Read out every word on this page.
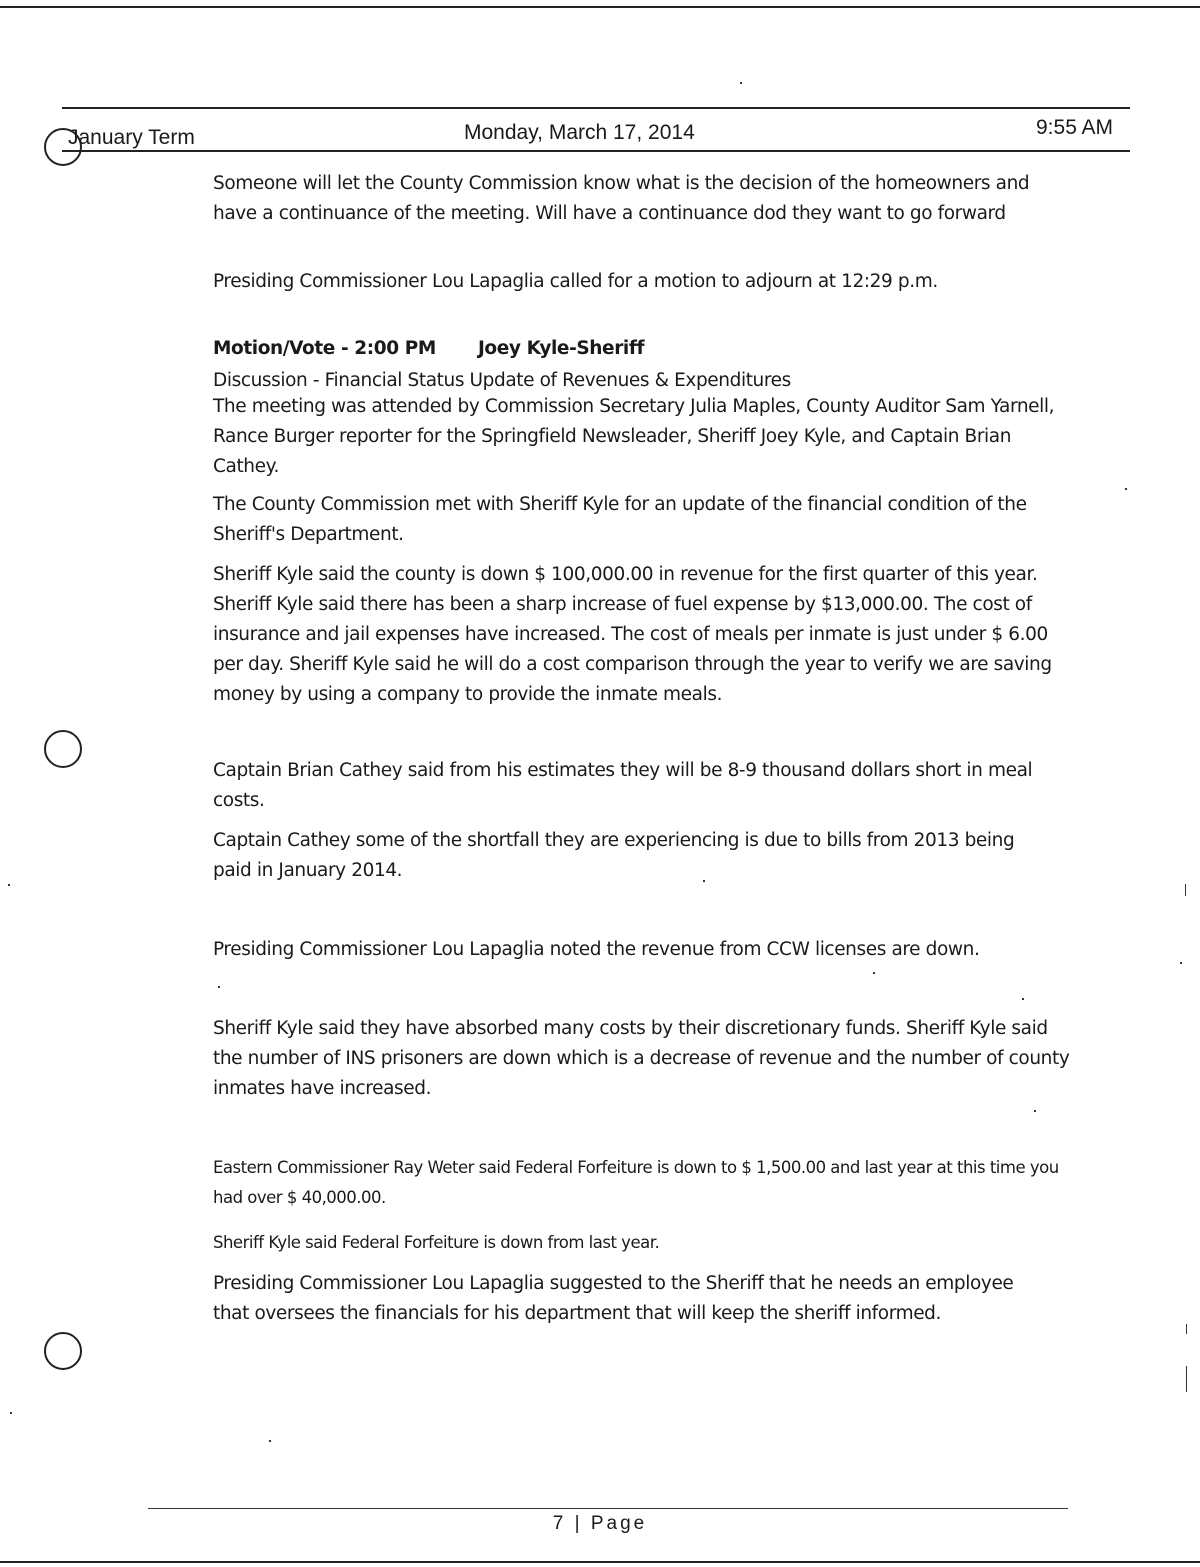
January Term	Monday, March 17, 2014	9:55 AM

Someone will let the County Commission know what is the decision of the homeowners and have a continuance of the meeting. Will have a continuance dod they want to go forward

Presiding Commissioner Lou Lapaglia called for a motion to adjourn at 12:29 p.m.

Motion/Vote - 2:00 PM Joey Kyle-Sheriff

Discussion - Financial Status Update of Revenues & Expenditures

The meeting was attended by Commission Secretary Julia Maples, County Auditor Sam Yarnell, Rance Burger reporter for the Springfield Newsleader, Sheriff Joey Kyle, and Captain Brian Cathey.

The County Commission met with Sheriff Kyle for an update of the financial condition of the Sheriff's Department.

Sheriff Kyle said the county is down $ 100,000.00 in revenue for the first quarter of this year. Sheriff Kyle said there has been a sharp increase of fuel expense by $13,000.00. The cost of insurance and jail expenses have increased. The cost of meals per inmate is just under $ 6.00 per day. Sheriff Kyle said he will do a cost comparison through the year to verify we are saving money by using a company to provide the inmate meals.

Captain Brian Cathey said from his estimates they will be 8-9 thousand dollars short in meal costs.

Captain Cathey some of the shortfall they are experiencing is due to bills from 2013 being paid in January 2014.

Presiding Commissioner Lou Lapaglia noted the revenue from CCW licenses are down.

Sheriff Kyle said they have absorbed many costs by their discretionary funds. Sheriff Kyle said the number of INS prisoners are down which is a decrease of revenue and the number of county inmates have increased.

Eastern Commissioner Ray Weter said Federal Forfeiture is down to $ 1,500.00 and last year at this time you had over $ 40,000.00.

Sheriff Kyle said Federal Forfeiture is down from last year.

Presiding Commissioner Lou Lapaglia suggested to the Sheriff that he needs an employee that oversees the financials for his department that will keep the sheriff informed.

7 | Page
